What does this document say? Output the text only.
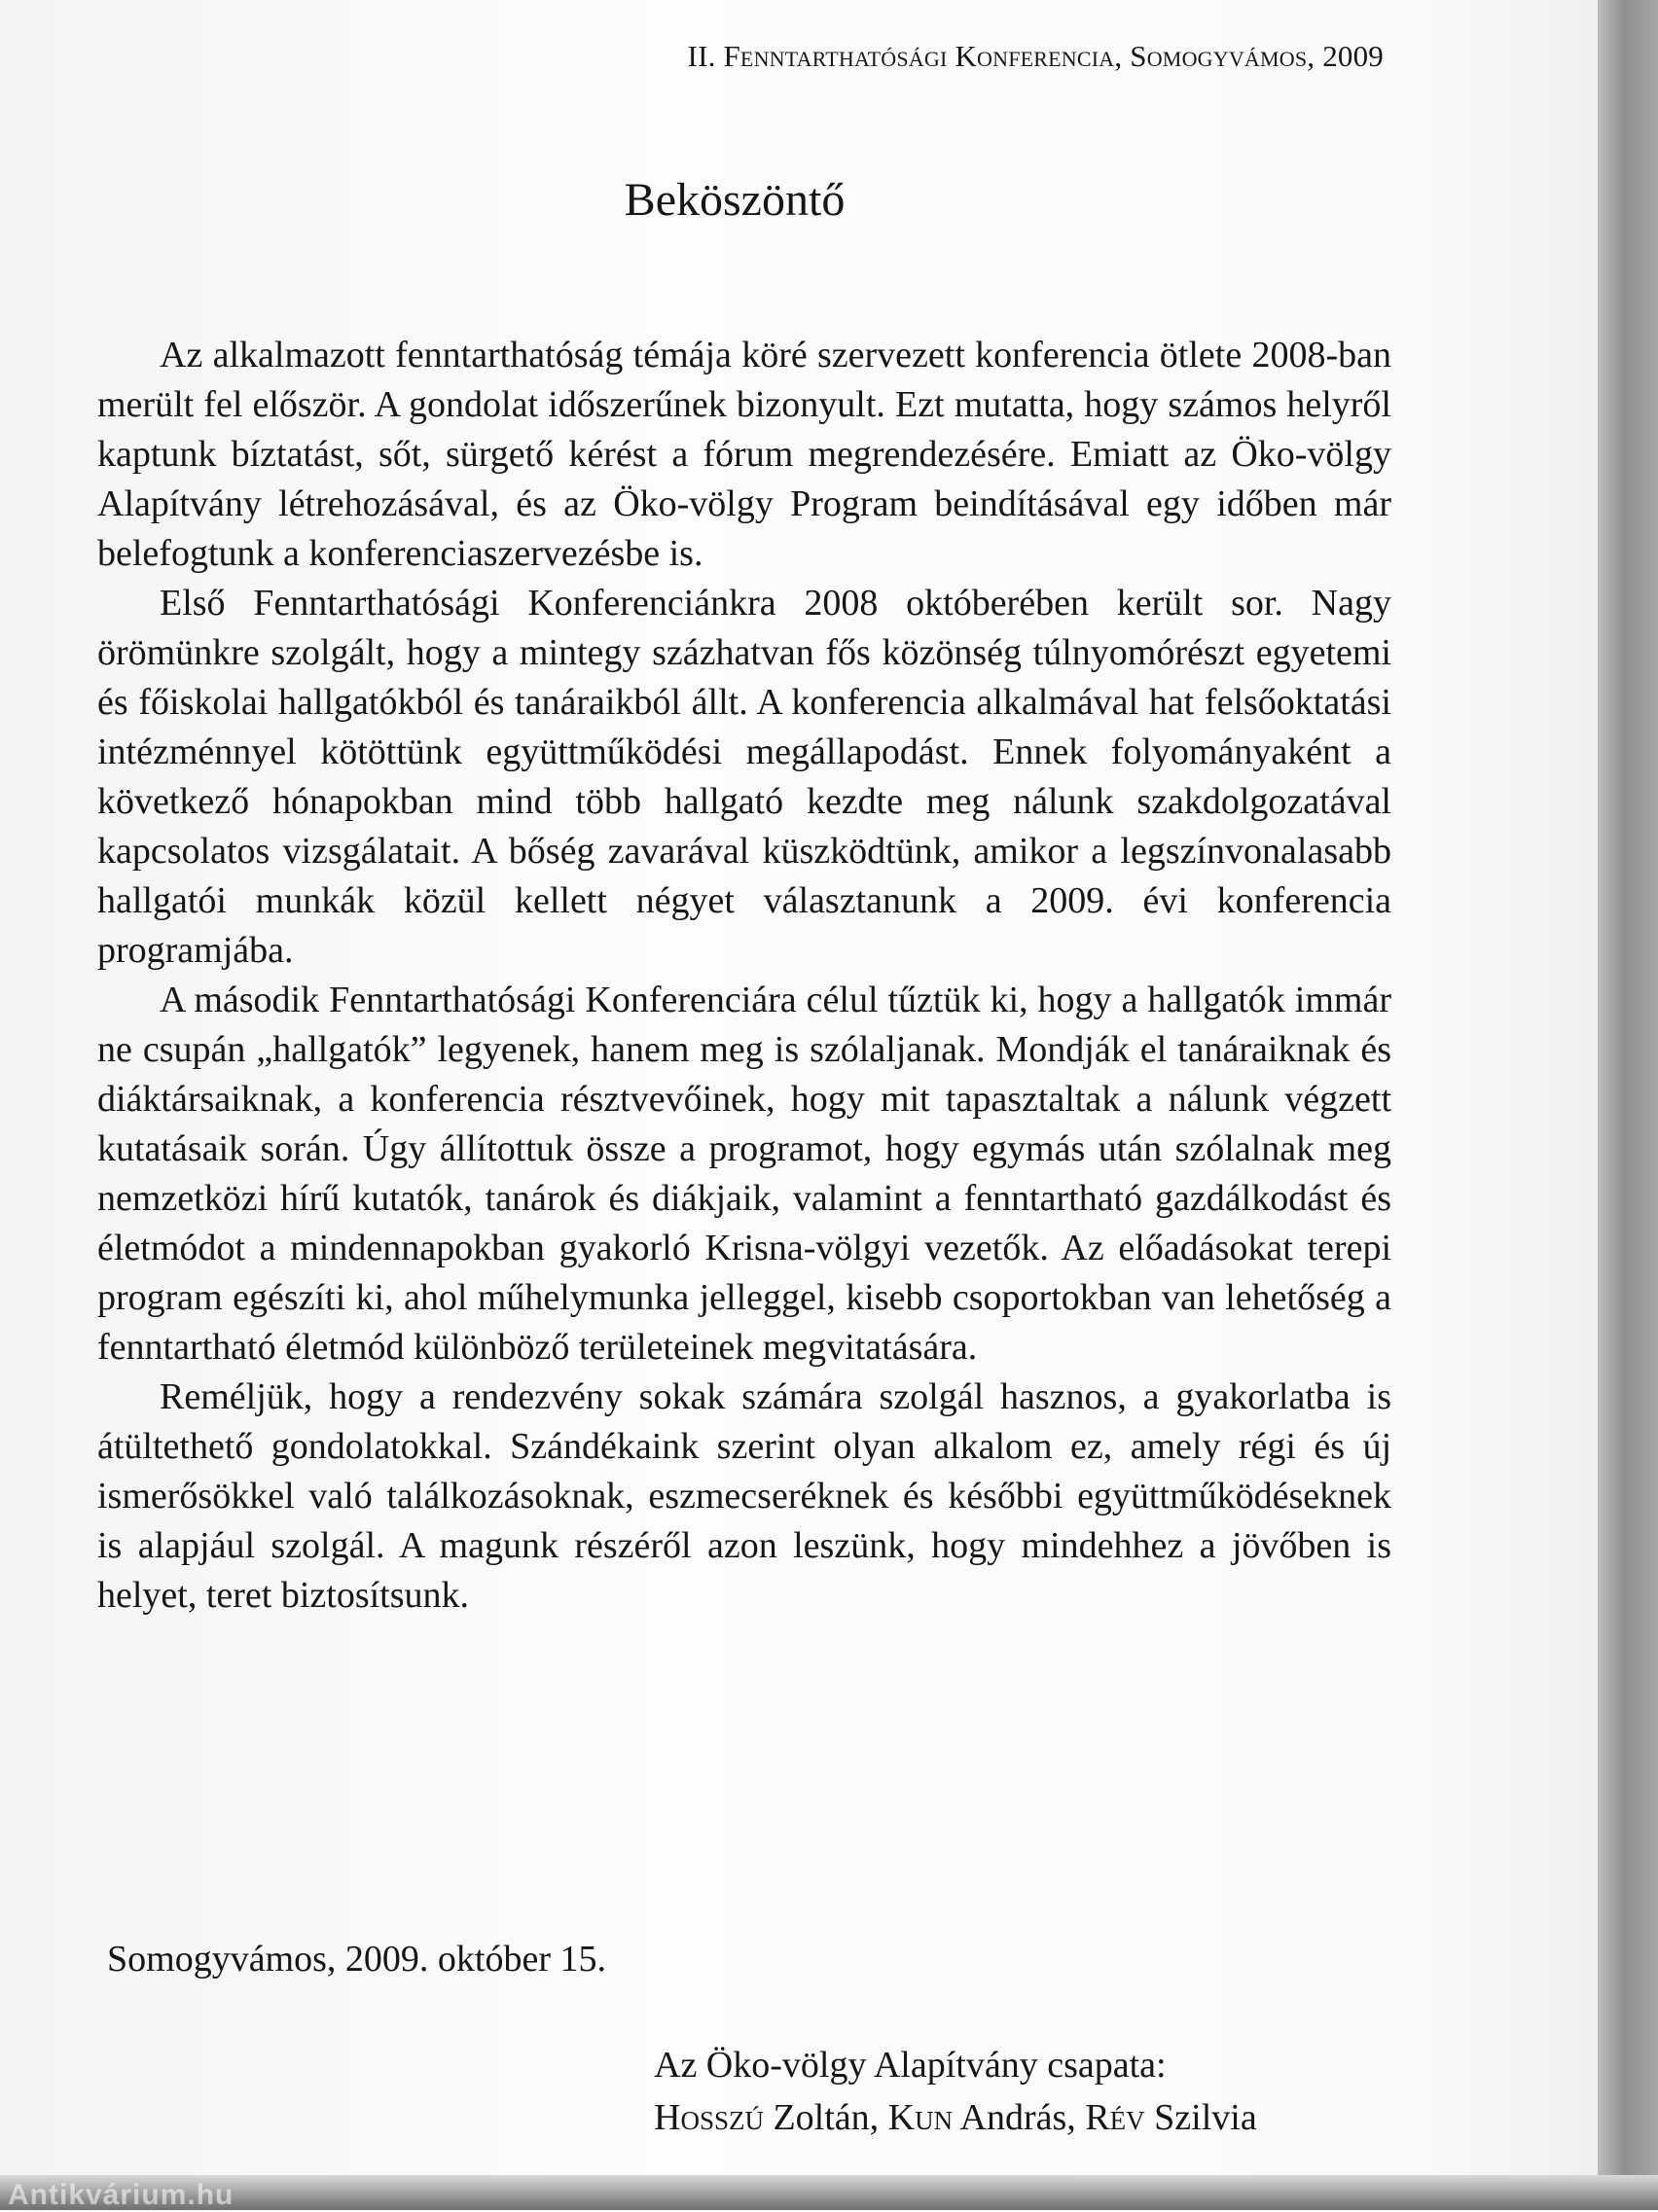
Antikvárium.hu
II. Fenntarthatósági Konferencia, Somogyvámos, 2009
Beköszöntő

Az alkalmazott fenntarthatóság témája köré szervezett konferencia ötlete 2008-ban merült fel először. A gondolat időszerűnek bizonyult. Ezt mutatta, hogy számos helyről kaptunk bíztatást, sőt, sürgető kérést a fórum megrendezésére. Emiatt az Öko-völgy Alapítvány létrehozásával, és az Öko-völgy Program beindításával egy időben már belefogtunk a konferenciaszervezésbe is.

Első Fenntarthatósági Konferenciánkra 2008 októberében került sor. Nagy örömünkre szolgált, hogy a mintegy százhatvan fős közönség túlnyomórészt egyetemi és főiskolai hallgatókból és tanáraikból állt. A konferencia alkalmával hat felsőoktatási intézménnyel kötöttünk együttműködési megállapodást. Ennek folyományaként a következő hónapokban mind több hallgató kezdte meg nálunk szakdolgozatával kapcsolatos vizsgálatait. A bőség zavarával küszködtünk, amikor a legszínvonalasabb hallgatói munkák közül kellett négyet választanunk a 2009. évi konferencia programjába.

A második Fenntarthatósági Konferenciára célul tűztük ki, hogy a hallgatók immár ne csupán „hallgatók” legyenek, hanem meg is szólaljanak. Mondják el tanáraiknak és diáktársaiknak, a konferencia résztvevőinek, hogy mit tapasztaltak a nálunk végzett kutatásaik során. Úgy állítottuk össze a programot, hogy egymás után szólalnak meg nemzetközi hírű kutatók, tanárok és diákjaik, valamint a fenntartható gazdálkodást és életmódot a mindennapokban gyakorló Krisna-völgyi vezetők. Az előadásokat terepi program egészíti ki, ahol műhelymunka jelleggel, kisebb csoportokban van lehetőség a fenntartható életmód különböző területeinek megvitatására.

Reméljük, hogy a rendezvény sokak számára szolgál hasznos, a gyakorlatba is átültethető gondolatokkal. Szándékaink szerint olyan alkalom ez, amely régi és új ismerősökkel való találkozásoknak, eszmecseréknek és későbbi együttműködéseknek is alapjául szolgál. A magunk részéről azon leszünk, hogy mindehhez a jövőben is helyet, teret biztosítsunk.

Somogyvámos, 2009. október 15.
Az Öko-völgy Alapítvány csapata:
Hosszú Zoltán, Kun András, Rév Szilvia
